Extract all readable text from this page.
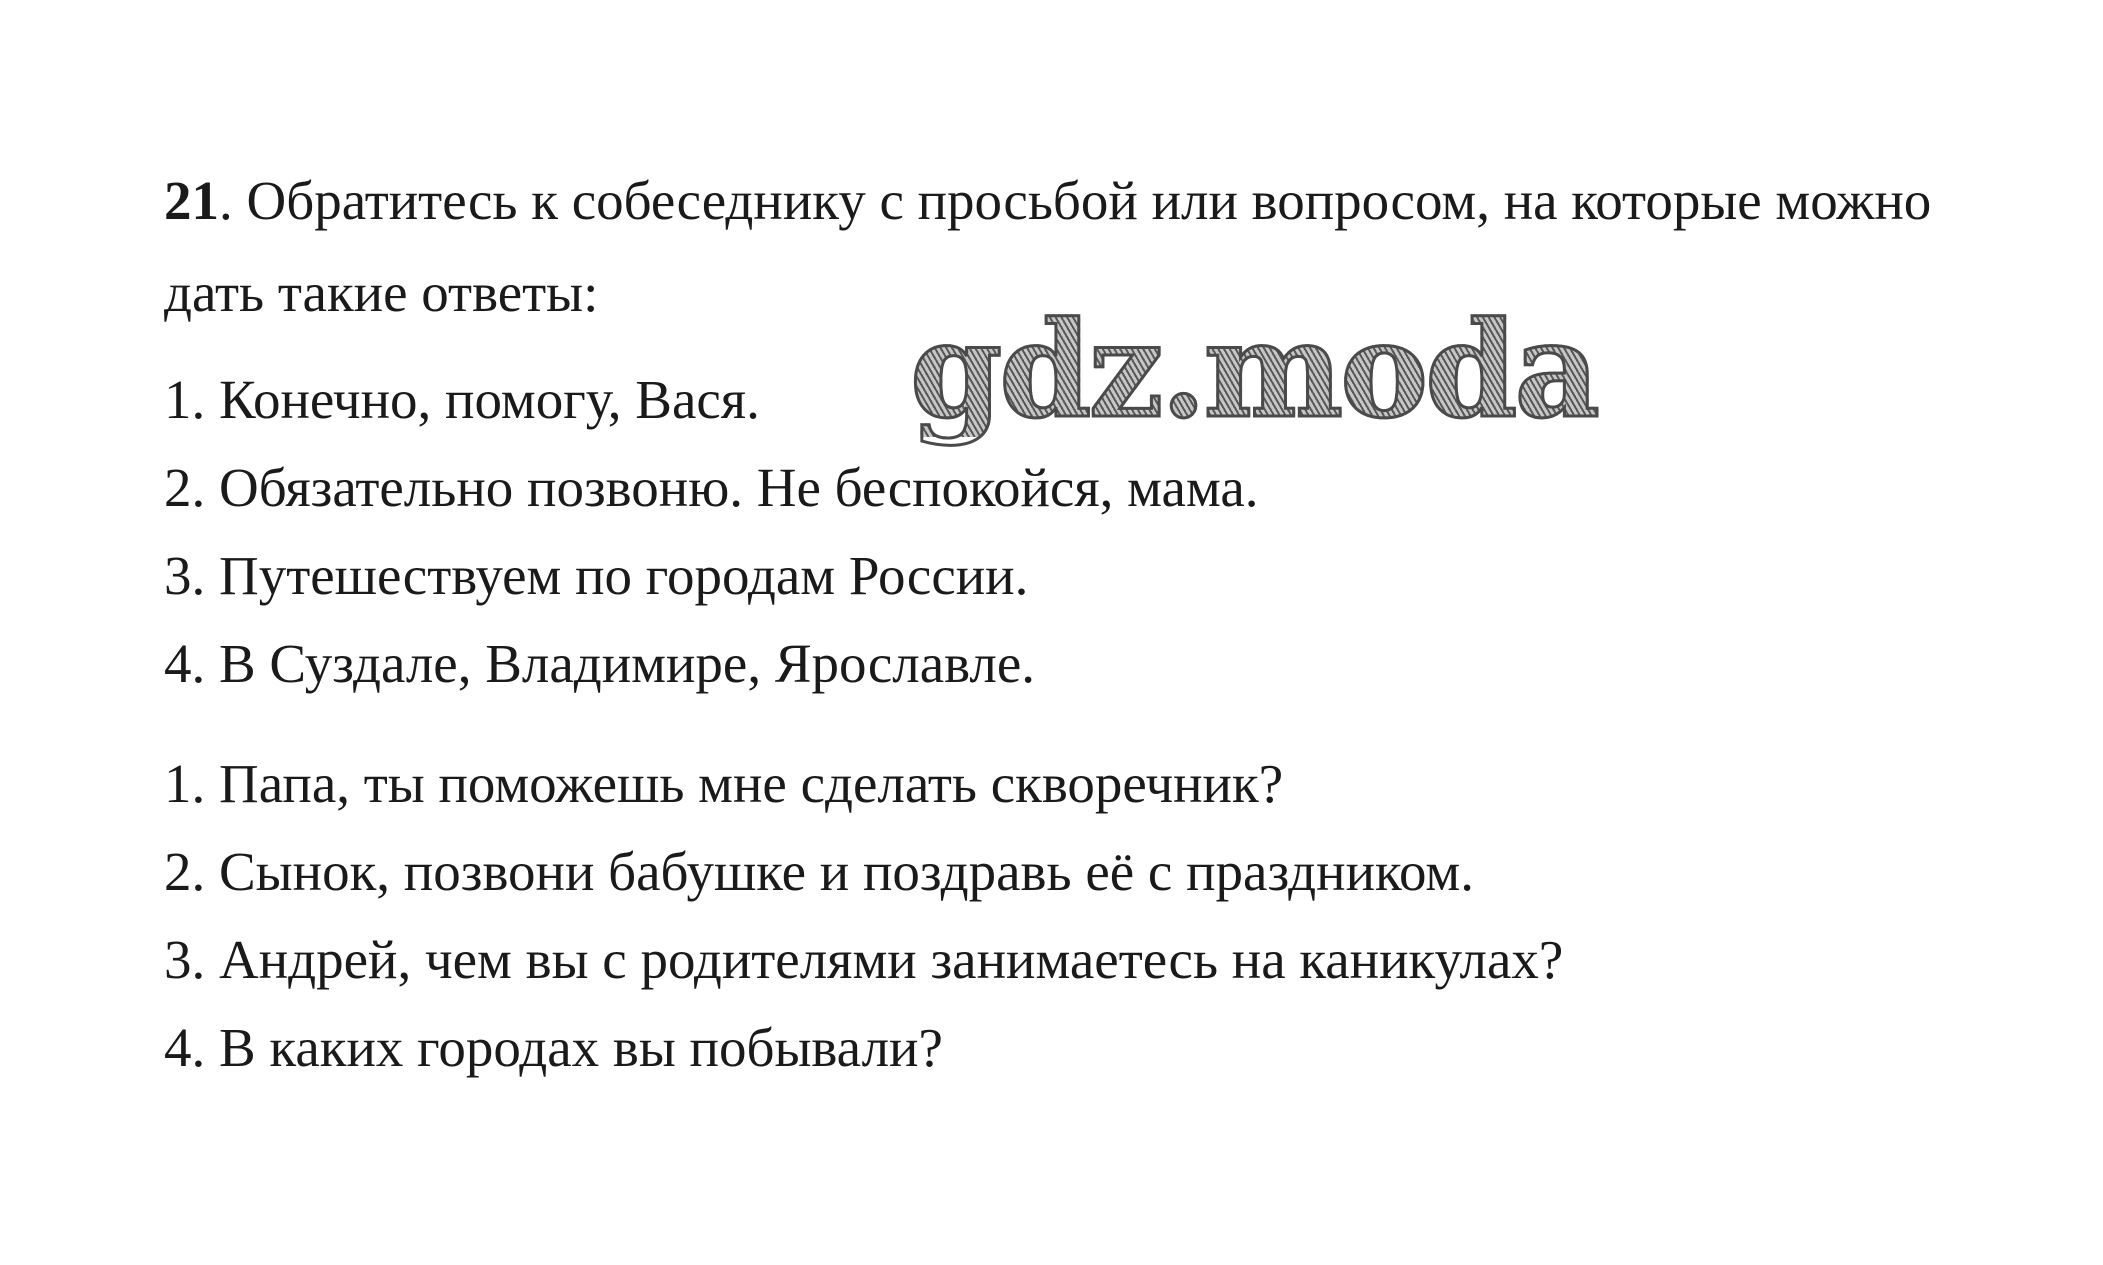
21. Обратитесь к собеседнику с просьбой или вопросом, на которые можно дать такие ответы:

1. Конечно, помогу, Вася.
2. Обязательно позвоню. Не беспокойся, мама.
3. Путешествуем по городам России.
4. В Суздале, Владимире, Ярославле.
1. Папа, ты поможешь мне сделать скворечник?
2. Сынок, позвони бабушке и поздравь её с праздником.
3. Андрей, чем вы с родителями занимаетесь на каникулах?
4. В каких городах вы побывали?
gdz.moda
